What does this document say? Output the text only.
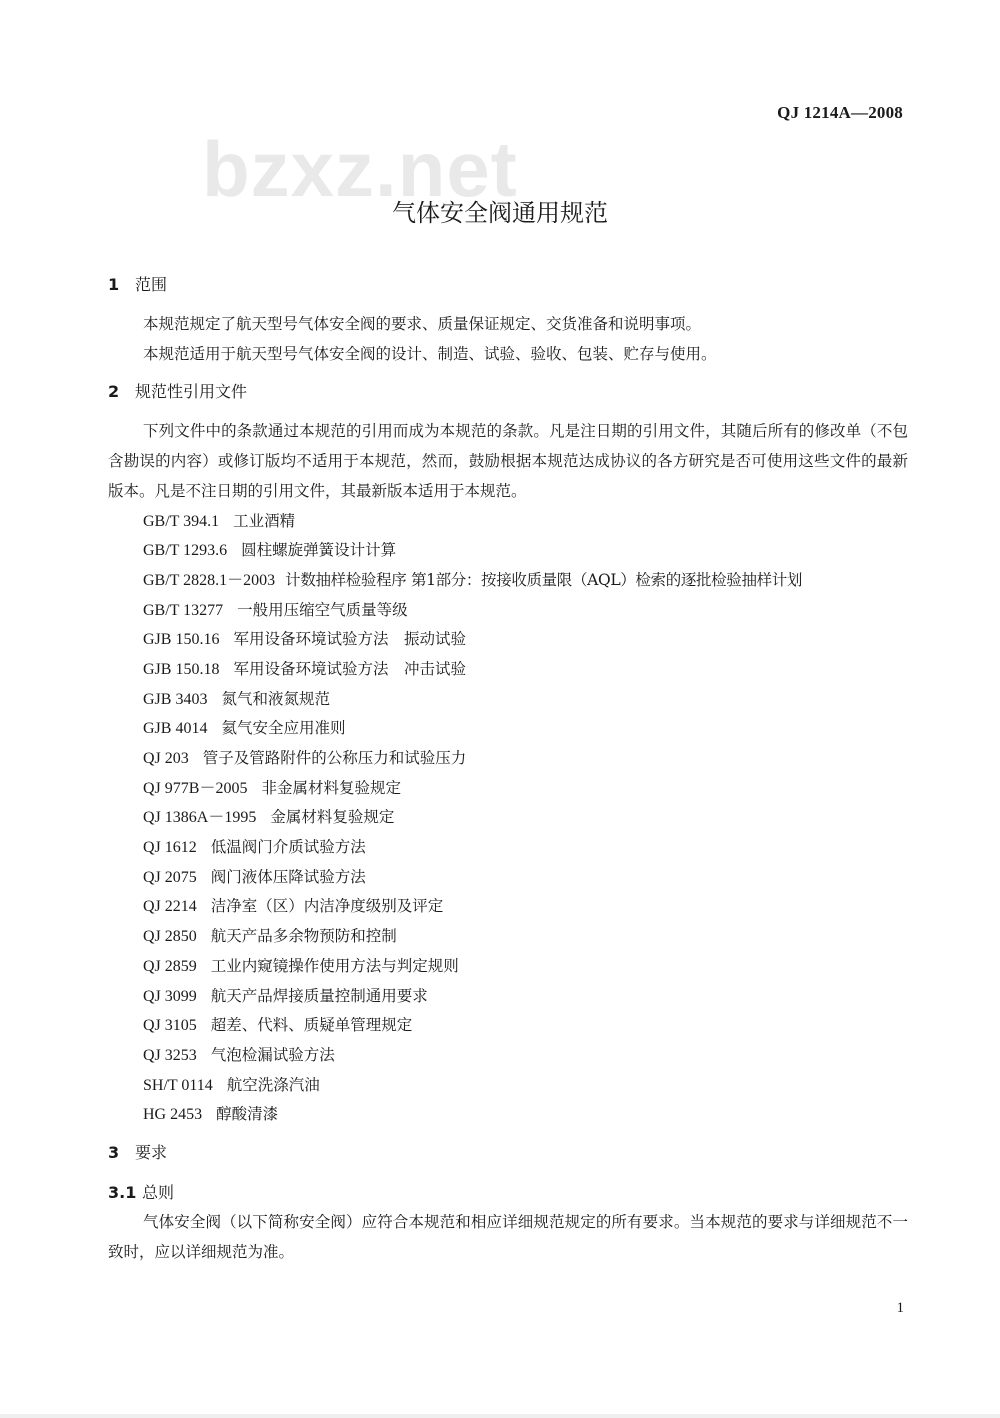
bzxz.net
QJ 1214A—2008
气体安全阀通用规范
1 范围

本规范规定了航天型号气体安全阀的要求、质量保证规定、交货准备和说明事项。

本规范适用于航天型号气体安全阀的设计、制造、试验、验收、包装、贮存与使用。

2 规范性引用文件

下列文件中的条款通过本规范的引用而成为本规范的条款。凡是注日期的引用文件，其随后所有的修改单（不包含勘误的内容）或修订版均不适用于本规范，然而，鼓励根据本规范达成协议的各方研究是否可使用这些文件的最新版本。凡是不注日期的引用文件，其最新版本适用于本规范。

GB/T 394.1 工业酒精
GB/T 1293.6 圆柱螺旋弹簧设计计算
GB/T 2828.1－2003 计数抽样检验程序 第1部分：按接收质量限（AQL）检索的逐批检验抽样计划
GB/T 13277 一般用压缩空气质量等级
GJB 150.16 军用设备环境试验方法　振动试验
GJB 150.18 军用设备环境试验方法　冲击试验
GJB 3403 氮气和液氮规范
GJB 4014 氦气安全应用准则
QJ 203 管子及管路附件的公称压力和试验压力
QJ 977B－2005 非金属材料复验规定
QJ 1386A－1995 金属材料复验规定
QJ 1612 低温阀门介质试验方法
QJ 2075 阀门液体压降试验方法
QJ 2214 洁净室（区）内洁净度级别及评定
QJ 2850 航天产品多余物预防和控制
QJ 2859 工业内窥镜操作使用方法与判定规则
QJ 3099 航天产品焊接质量控制通用要求
QJ 3105 超差、代料、质疑单管理规定
QJ 3253 气泡检漏试验方法
SH/T 0114 航空洗涤汽油
HG 2453 醇酸清漆
3 要求
3.1 总则

气体安全阀（以下简称安全阀）应符合本规范和相应详细规范规定的所有要求。当本规范的要求与详细规范不一致时，应以详细规范为准。

1
